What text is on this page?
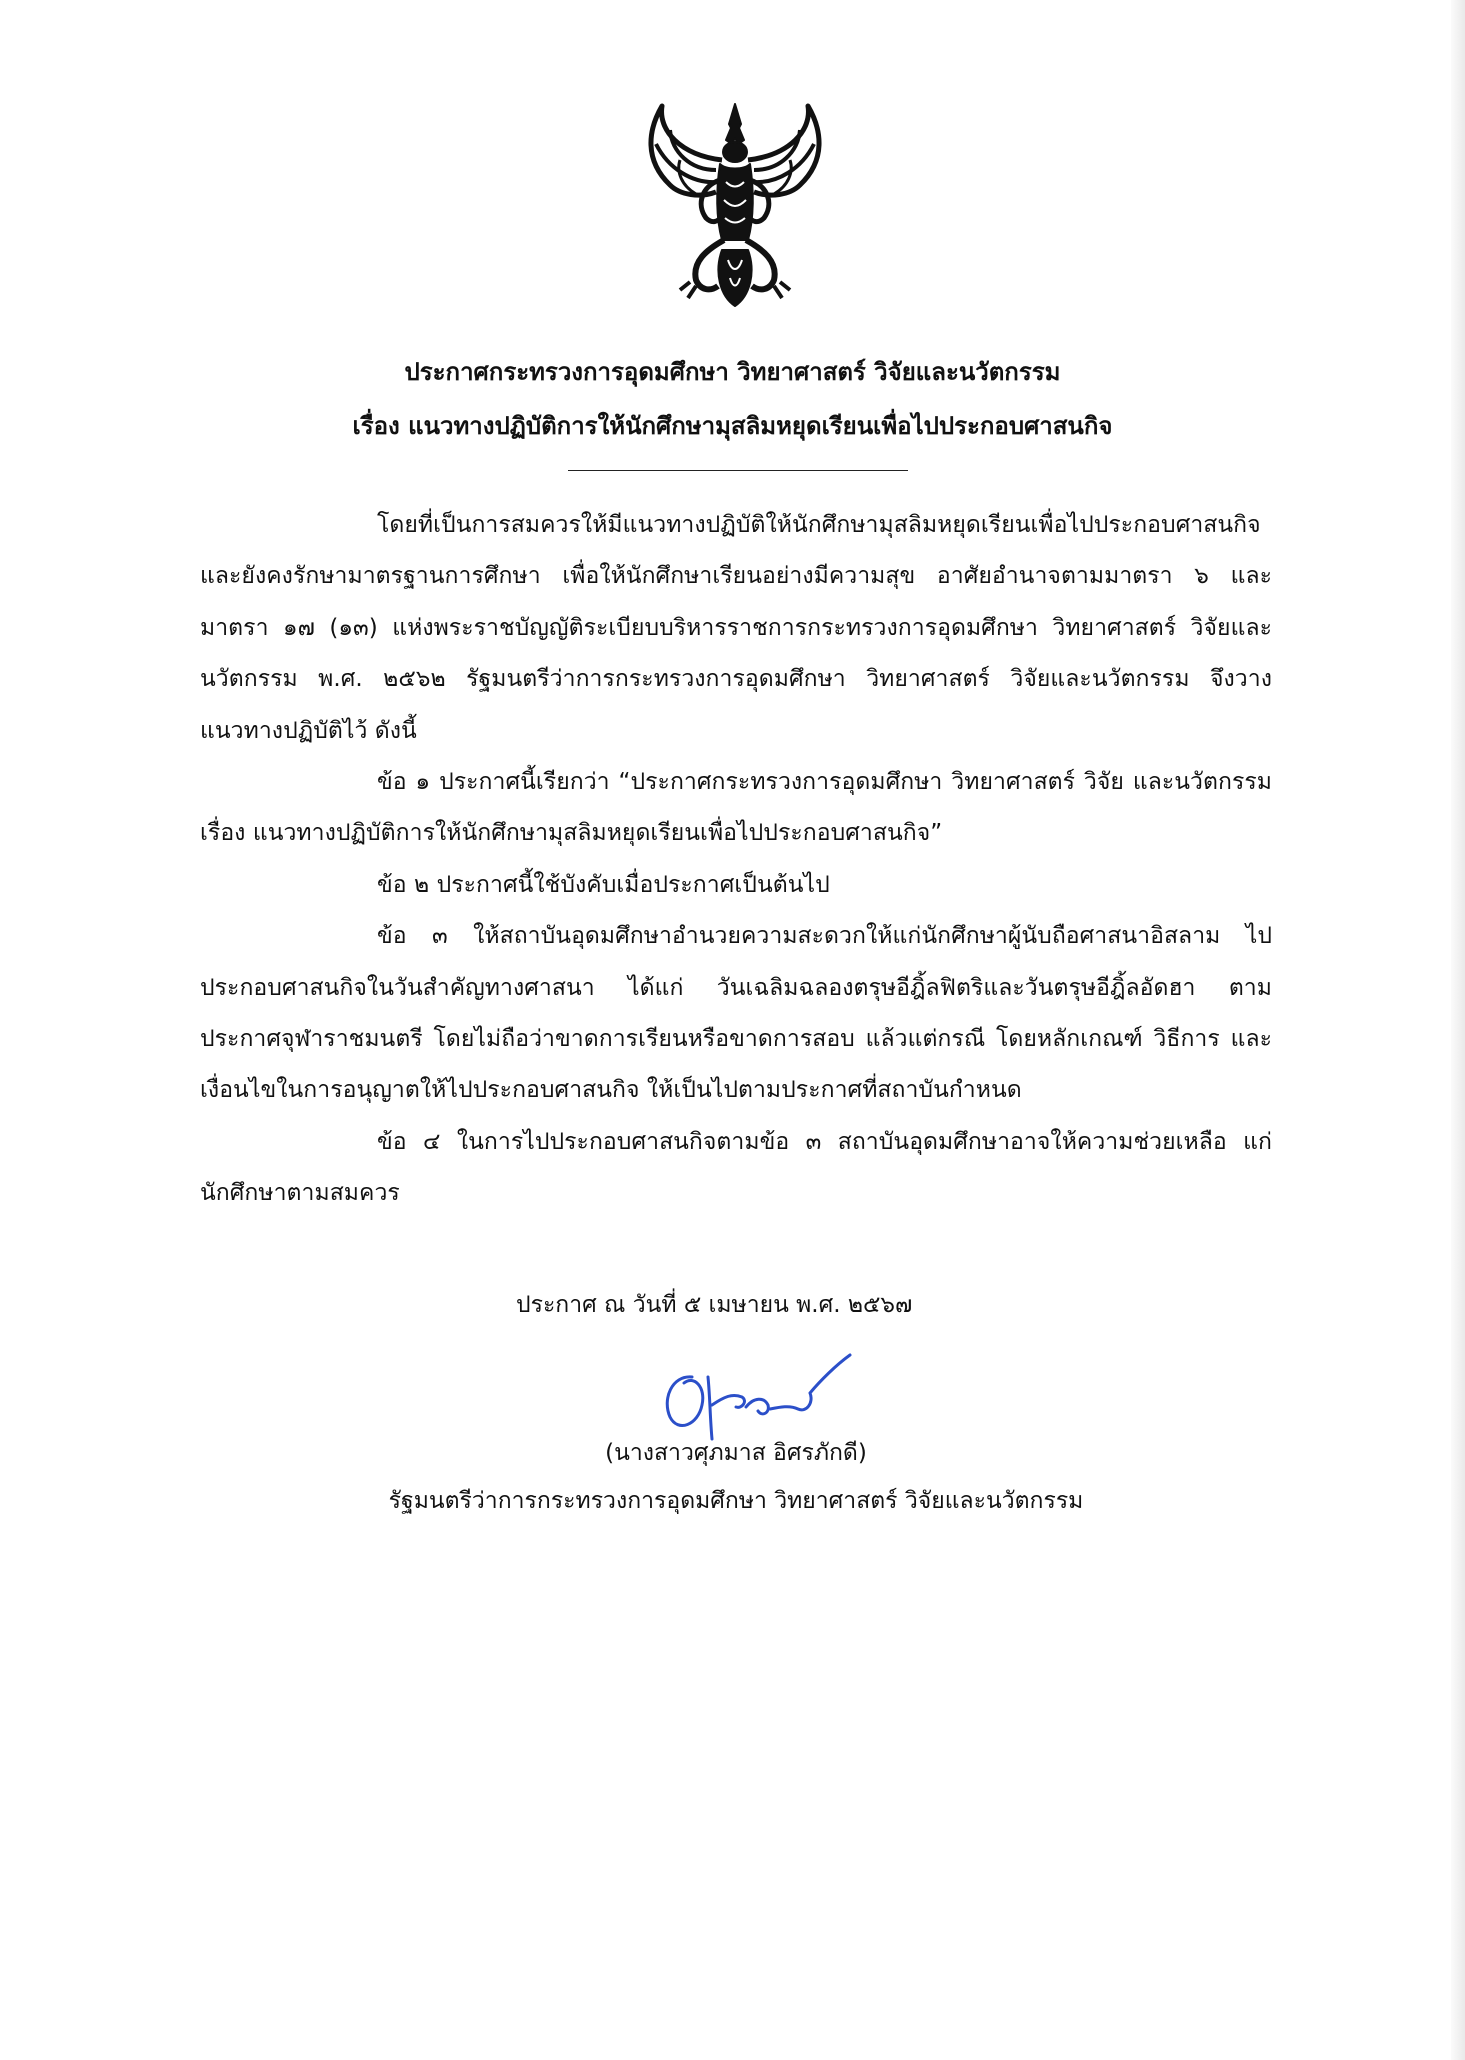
ประกาศกระทรวงการอุดมศึกษา วิทยาศาสตร์ วิจัยและนวัตกรรม
เรื่อง แนวทางปฏิบัติการให้นักศึกษามุสลิมหยุดเรียนเพื่อไปประกอบศาสนกิจ

โดยที่เป็นการสมควรให้มีแนวทางปฏิบัติให้นักศึกษามุสลิมหยุดเรียนเพื่อไปประกอบศาสนกิจและยังคงรักษามาตรฐานการศึกษา เพื่อให้นักศึกษาเรียนอย่างมีความสุข อาศัยอำนาจตามมาตรา ๖ และมาตรา ๑๗ (๑๓) แห่งพระราชบัญญัติระเบียบบริหารราชการกระทรวงการอุดมศึกษา วิทยาศาสตร์ วิจัยและนวัตกรรม พ.ศ. ๒๕๖๒ รัฐมนตรีว่าการกระทรวงการอุดมศึกษา วิทยาศาสตร์ วิจัยและนวัตกรรม จึงวางแนวทางปฏิบัติไว้ ดังนี้

ข้อ ๑ ประกาศนี้เรียกว่า “ประกาศกระทรวงการอุดมศึกษา วิทยาศาสตร์ วิจัย และนวัตกรรม เรื่อง แนวทางปฏิบัติการให้นักศึกษามุสลิมหยุดเรียนเพื่อไปประกอบศาสนกิจ”

ข้อ ๒ ประกาศนี้ใช้บังคับเมื่อประกาศเป็นต้นไป

ข้อ ๓ ให้สถาบันอุดมศึกษาอำนวยความสะดวกให้แก่นักศึกษาผู้นับถือศาสนาอิสลาม ไปประกอบศาสนกิจในวันสำคัญทางศาสนา ได้แก่ วันเฉลิมฉลองตรุษอีฎิ้ลฟิตริและวันตรุษอีฎิ้ลอัดฮา ตามประกาศจุฬาราชมนตรี โดยไม่ถือว่าขาดการเรียนหรือขาดการสอบ แล้วแต่กรณี โดยหลักเกณฑ์ วิธีการ และเงื่อนไขในการอนุญาตให้ไปประกอบศาสนกิจ ให้เป็นไปตามประกาศที่สถาบันกำหนด

ข้อ ๔ ในการไปประกอบศาสนกิจตามข้อ ๓ สถาบันอุดมศึกษาอาจให้ความช่วยเหลือ แก่นักศึกษาตามสมควร

ประกาศ ณ วันที่ ๕ เมษายน พ.ศ. ๒๕๖๗
(นางสาวศุภมาส อิศรภักดี)
รัฐมนตรีว่าการกระทรวงการอุดมศึกษา วิทยาศาสตร์ วิจัยและนวัตกรรม
